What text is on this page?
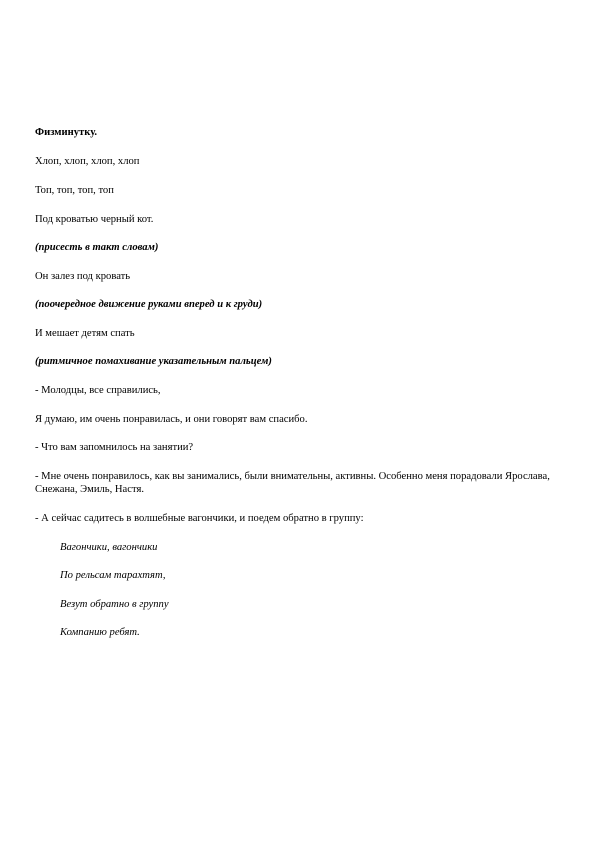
Физминутку.

Хлоп, хлоп, хлоп, хлоп

Топ, топ, топ, топ

Под кроватью черный кот.

(присесть в такт словам)

Он залез под кровать

(поочередное движение руками вперед и к груди)

И мешает детям спать

(ритмичное помахивание указательным пальцем)

- Молодцы, все справились,

Я думаю, им очень понравилась, и они говорят вам спасибо.

- Что вам запомнилось на занятии?

- Мне очень понравилось, как вы занимались, были внимательны, активны. Особенно меня порадовали Ярослава, Снежана, Эмиль, Настя.

- А сейчас садитесь в волшебные вагончики, и поедем обратно в группу:

Вагончики, вагончики

По рельсам тарахтят,

Везут обратно в группу

Компанию ребят.
